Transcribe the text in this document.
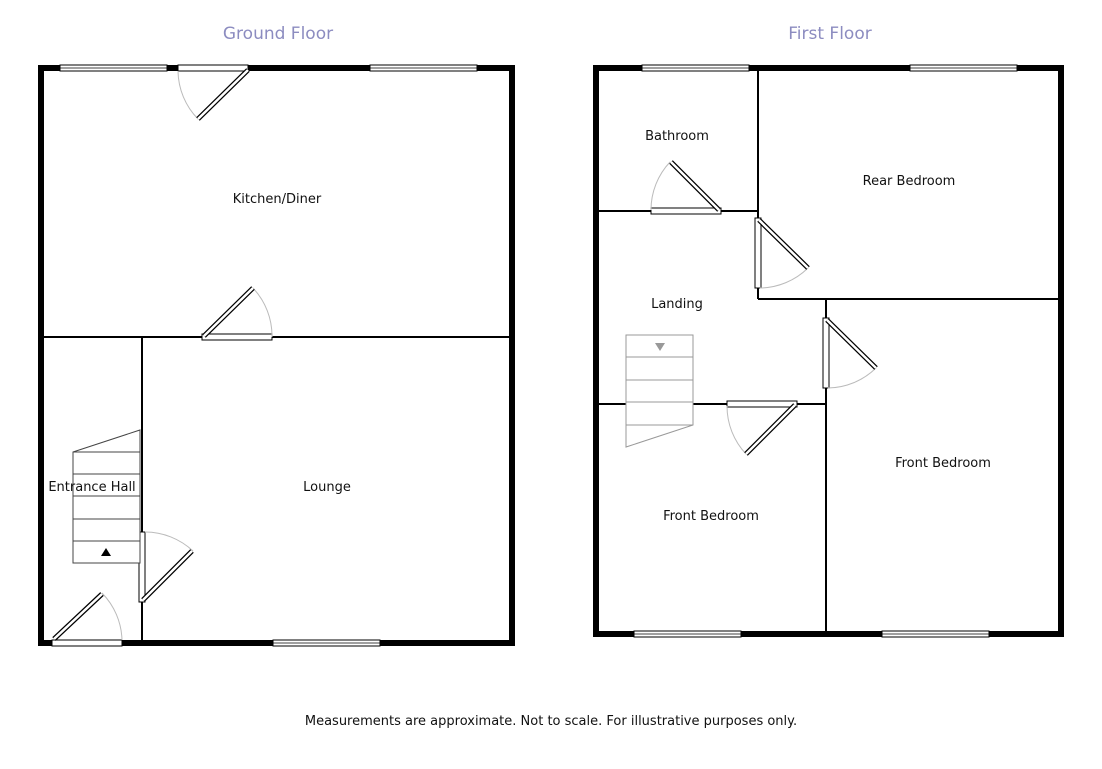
Ground Floor	First Floor
Kitchen/Diner
Entrance Hall	Lounge
Bathroom
Rear Bedroom
Landing
Front Bedroom
Front Bedroom
Measurements are approximate. Not to scale. For illustrative purposes only.
